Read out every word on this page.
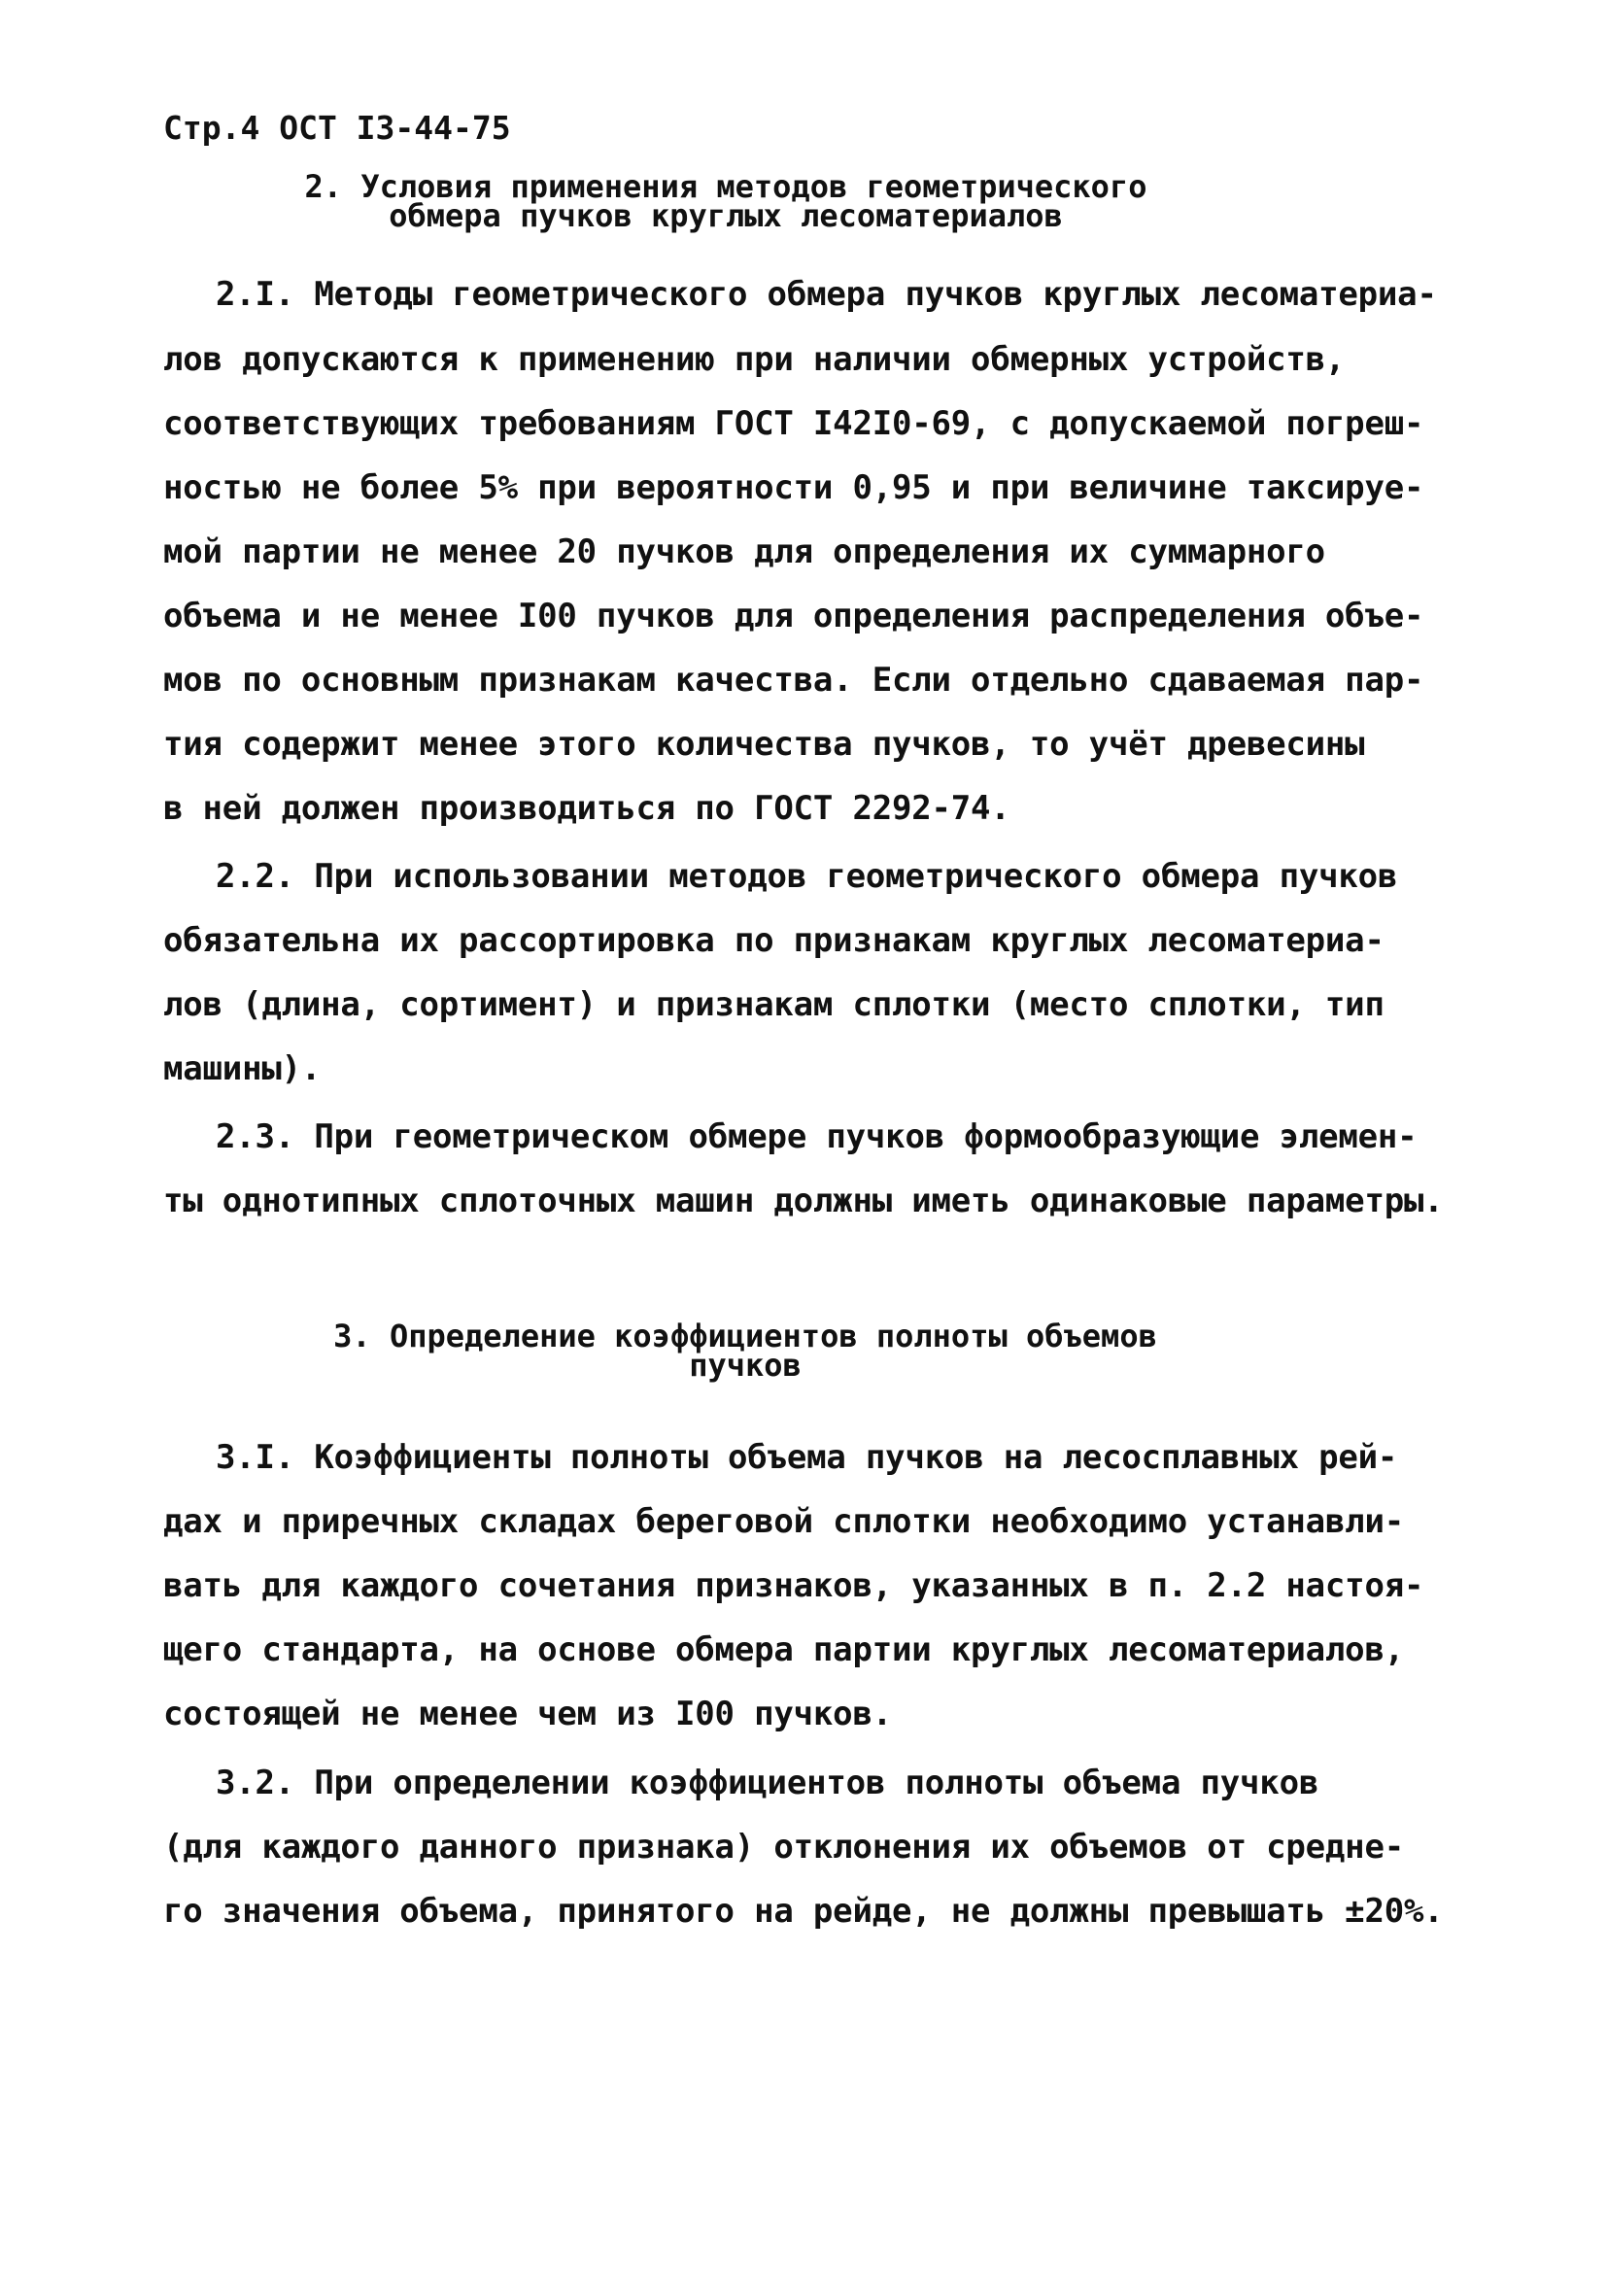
Стр.4 ОСТ I3-44-75
2. Условия применения методов геометрического
обмера пучков круглых лесоматериалов
2.I. Методы геометрического обмера пучков круглых лесоматериа-
лов допускаются к применению при наличии обмерных устройств,
соответствующих требованиям ГОСТ I42I0-69, с допускаемой погреш-
ностью не более 5% при вероятности 0,95 и при величине таксируе-
мой партии не менее 20 пучков для определения их суммарного
объема и не менее I00 пучков для определения распределения объе-
мов по основным признакам качества. Если отдельно сдаваемая пар-
тия содержит менее этого количества пучков, то учёт древесины
в ней должен производиться по ГОСТ 2292-74.
2.2. При использовании методов геометрического обмера пучков
обязательна их рассортировка по признакам круглых лесоматериа-
лов (длина, сортимент) и признакам сплотки (место сплотки, тип
машины).
2.3. При геометрическом обмере пучков формообразующие элемен-
ты однотипных сплоточных машин должны иметь одинаковые параметры.
3. Определение коэффициентов полноты объемов
пучков
3.I. Коэффициенты полноты объема пучков на лесосплавных рей-
дах и приречных складах береговой сплотки необходимо устанавли-
вать для каждого сочетания признаков, указанных в п. 2.2 настоя-
щего стандарта, на основе обмера партии круглых лесоматериалов,
состоящей не менее чем из I00 пучков.
3.2. При определении коэффициентов полноты объема пучков
(для каждого данного признака) отклонения их объемов от средне-
го значения объема, принятого на рейде, не должны превышать ±20%.
